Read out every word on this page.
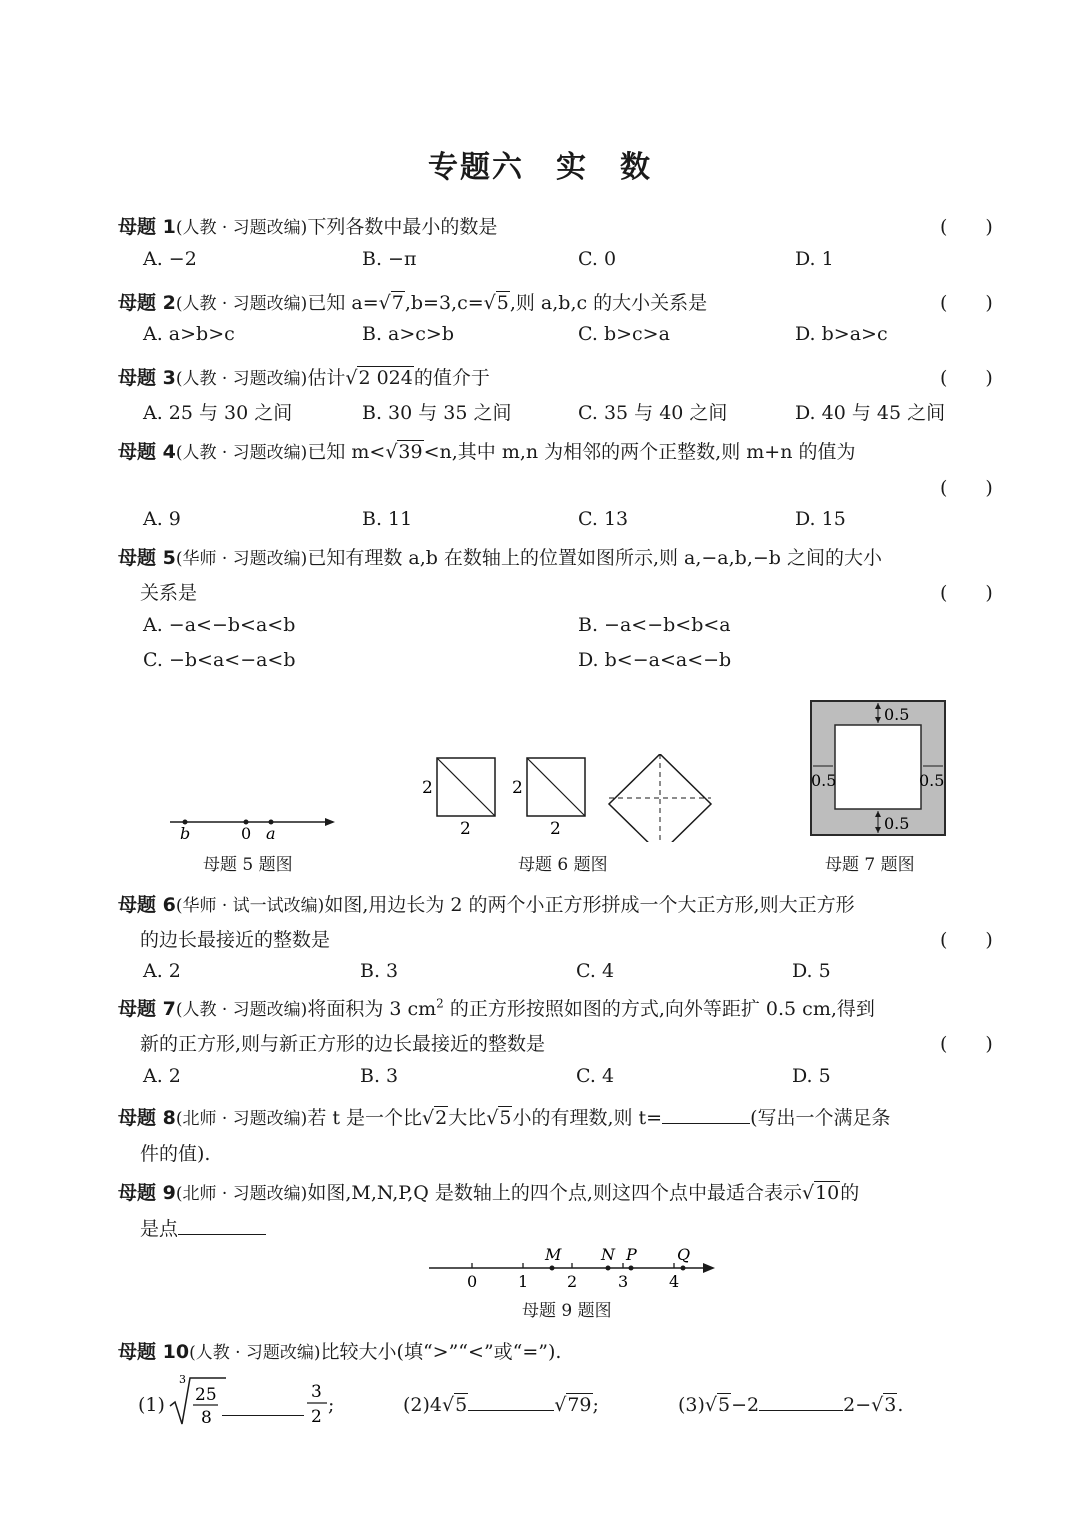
专题六　实　数
母题 1(人教 · 习题改编)下列各数中最小的数是	(　　)
A. −2	B. −π	C. 0	D. 1
母题 2(人教 · 习题改编)已知 a=√7,b=3,c=√5,则 a,b,c 的大小关系是	(　　)
A. a>b>c	B. a>c>b	C. b>c>a	D. b>a>c
母题 3(人教 · 习题改编)估计√2 024的值介于	(　　)
A. 25 与 30 之间	B. 30 与 35 之间	C. 35 与 40 之间	D. 40 与 45 之间
母题 4(人教 · 习题改编)已知 m<√39<n,其中 m,n 为相邻的两个正整数,则 m+n 的值为
(　　)
A. 9	B. 11	C. 13	D. 15
母题 5(华师 · 习题改编)已知有理数 a,b 在数轴上的位置如图所示,则 a,−a,b,−b 之间的大小
关系是	(　　)
A. −a<−b<a<b	B. −a<−b<b<a
C. −b<a<−a<b	D. b<−a<a<−b
b	0 a
母题 5 题图
2
2
2
2
母题 6 题图
0.5
0.5
0.5	0.5
母题 7 题图
母题 6(华师 · 试一试改编)如图,用边长为 2 的两个小正方形拼成一个大正方形,则大正方形
的边长最接近的整数是	(　　)
A. 2	B. 3	C. 4	D. 5
母题 7(人教 · 习题改编)将面积为 3 $cm^2$ 的正方形按照如图的方式,向外等距扩 0.5 cm,得到
新的正方形,则与新正方形的边长最接近的整数是	(　　)
A. 2	B. 3	C. 4	D. 5
母题 8(北师 · 习题改编)若 t 是一个比√2大比√5小的有理数,则 t=	(写出一个满足条
件的值).
母题 9(北师 · 习题改编)如图,M,N,P,Q 是数轴上的四个点,则这四个点中最适合表示√10的
是点
0	1 2	3	4
M N P	Q
母题 9 题图
母题 10(人教 · 习题改编)比较大小(填“>”“<”或“=”).
(1)
3
25
8
3
2
;	(2)4√5	√79;	(3)√5−2	2−√3.
